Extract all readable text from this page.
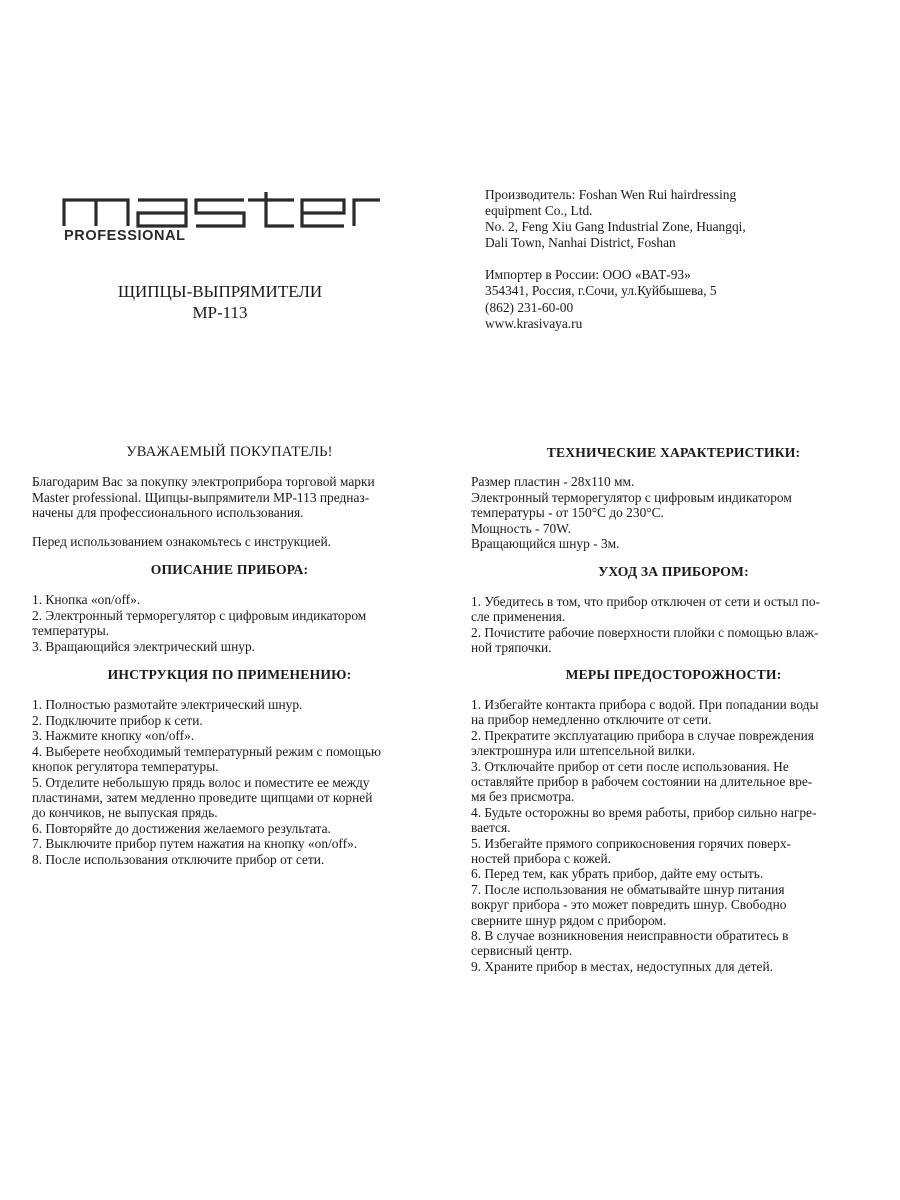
PROFESSIONAL
ЩИПЦЫ-ВЫПРЯМИТЕЛИ
MP-113

Производитель: Foshan Wen Rui hairdressing

equipment Co., Ltd.

No. 2, Feng Xiu Gang Industrial Zone, Huangqi,

Dali Town, Nanhai District, Foshan

Импортер в России: ООО «ВАТ-93»

354341, Россия, г.Сочи, ул.Куйбышева, 5

(862) 231-60-00

www.krasivaya.ru

УВАЖАЕМЫЙ ПОКУПАТЕЛЬ!

Благодарим Вас за покупку электроприбора торговой марки

Master professional. Щипцы-выпрямители MP-113 предназ-

начены для профессионального использования.

Перед использованием ознакомьтесь с инструкцией.

ОПИСАНИЕ ПРИБОРА:

1. Кнопка «on/off».

2. Электронный терморегулятор с цифровым индикатором

температуры.

3. Вращающийся электрический шнур.

ИНСТРУКЦИЯ ПО ПРИМЕНЕНИЮ:

1. Полностью размотайте электрический шнур.

2. Подключите прибор к сети.

3. Нажмите кнопку «on/off».

4. Выберете необходимый температурный режим с помощью

кнопок регулятора температуры.

5. Отделите небольшую прядь волос и поместите ее между

пластинами, затем медленно проведите щипцами от корней

до кончиков, не выпуская прядь.

6. Повторяйте до достижения желаемого результата.

7. Выключите прибор путем нажатия на кнопку «on/off».

8. После использования отключите прибор от сети.

ТЕХНИЧЕСКИЕ ХАРАКТЕРИСТИКИ:

Размер пластин - 28x110 мм.

Электронный терморегулятор с цифровым индикатором

температуры - от 150°С до 230°С.

Мощность - 70W.

Вращающийся шнур - 3м.

УХОД ЗА ПРИБОРОМ:

1. Убедитесь в том, что прибор отключен от сети и остыл по-

сле применения.

2. Почистите рабочие поверхности плойки с помощью влаж-

ной тряпочки.

МЕРЫ ПРЕДОСТОРОЖНОСТИ:

1. Избегайте контакта прибора с водой. При попадании воды

на прибор немедленно отключите от сети.

2. Прекратите эксплуатацию прибора в случае повреждения

электрошнура или штепсельной вилки.

3. Отключайте прибор от сети после использования. Не

оставляйте прибор в рабочем состоянии на длительное вре-

мя без присмотра.

4. Будьте осторожны во время работы, прибор сильно нагре-

вается.

5. Избегайте прямого соприкосновения горячих поверх-

ностей прибора с кожей.

6. Перед тем, как убрать прибор, дайте ему остыть.

7. После использования не обматывайте шнур питания

вокруг прибора - это может повредить шнур. Свободно

сверните шнур рядом с прибором.

8. В случае возникновения неисправности обратитесь в

сервисный центр.

9. Храните прибор в местах, недоступных для детей.
